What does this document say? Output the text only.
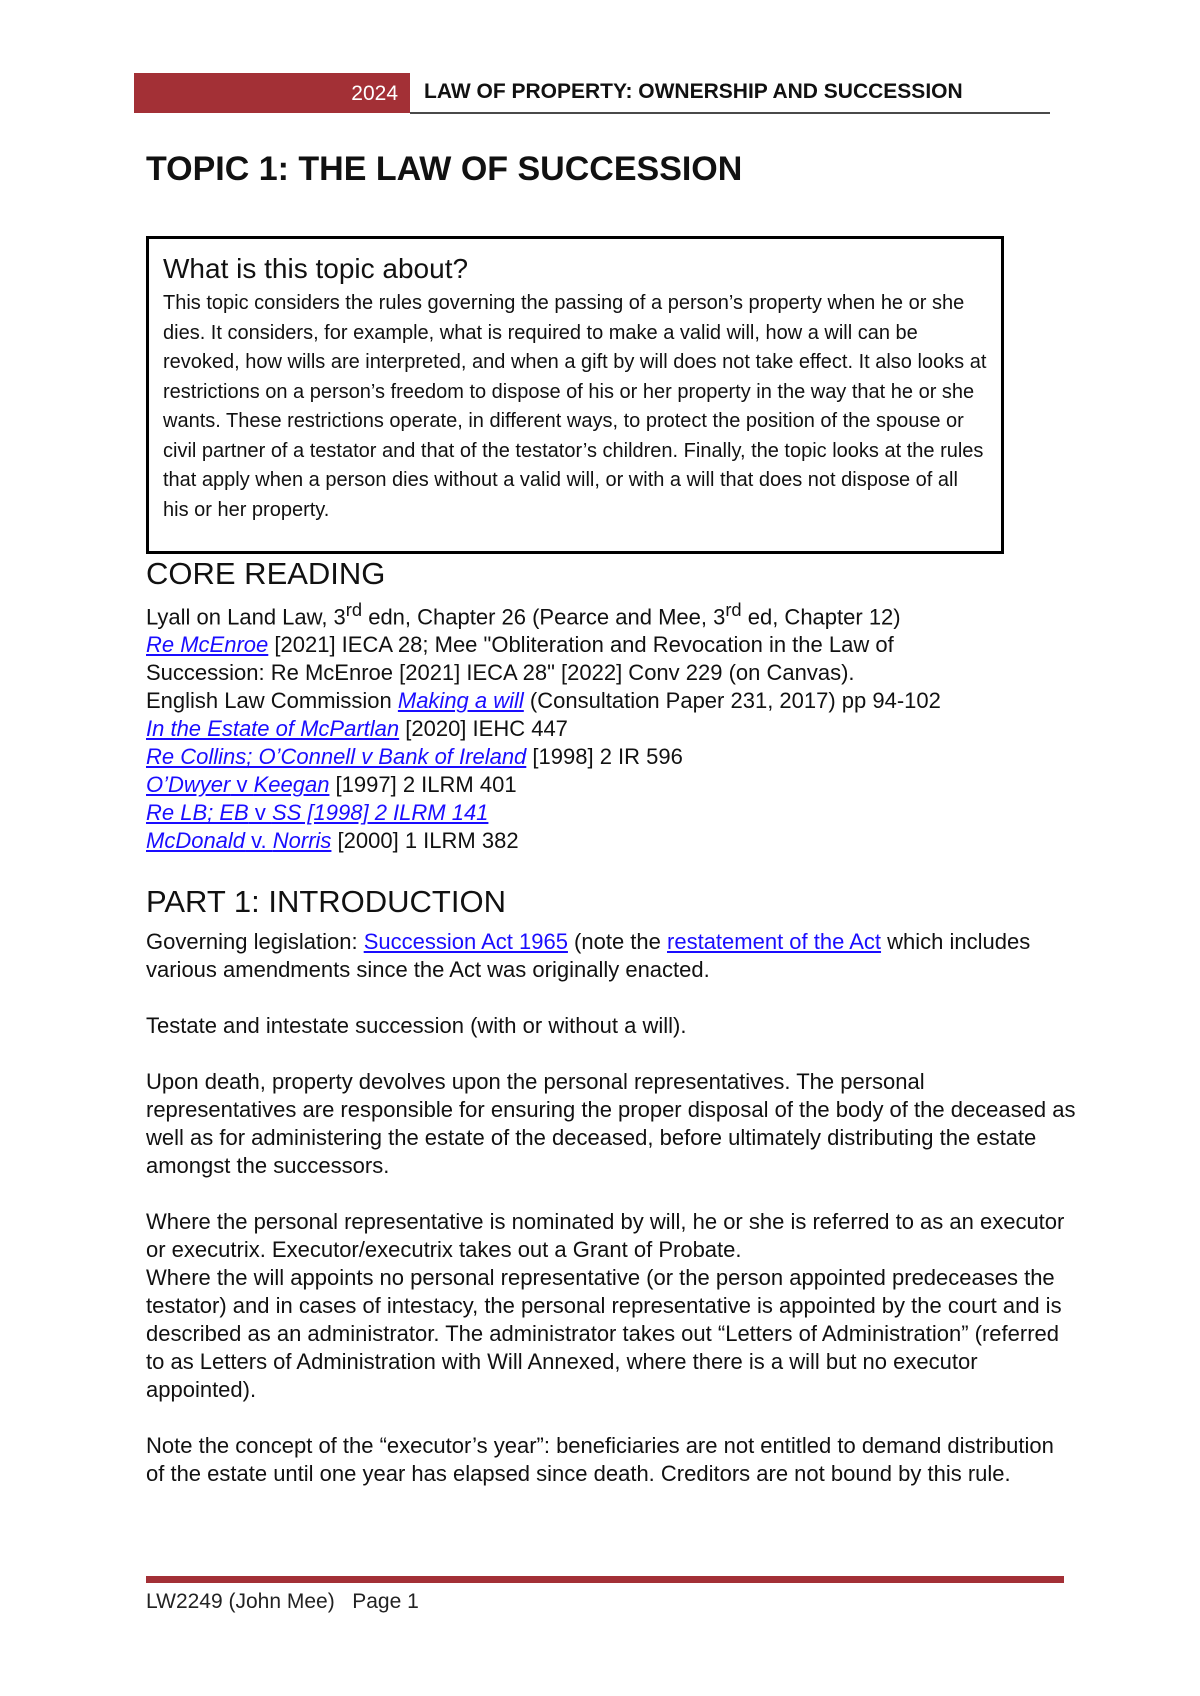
2024	LAW OF PROPERTY: OWNERSHIP AND SUCCESSION
TOPIC 1: THE LAW OF SUCCESSION
What is this topic about?

This topic considers the rules governing the passing of a person’s property when he or she dies. It considers, for example, what is required to make a valid will, how a will can be revoked, how wills are interpreted, and when a gift by will does not take effect. It also looks at restrictions on a person’s freedom to dispose of his or her property in the way that he or she wants. These restrictions operate, in different ways, to protect the position of the spouse or civil partner of a testator and that of the testator’s children. Finally, the topic looks at the rules that apply when a person dies without a valid will, or with a will that does not dispose of all his or her property.

CORE READING
Lyall on Land Law, 3rd edn, Chapter 26 (Pearce and Mee, 3rd ed, Chapter 12)
Re McEnroe [2021] IECA 28; Mee "Obliteration and Revocation in the Law of
Succession: Re McEnroe [2021] IECA 28" [2022] Conv 229 (on Canvas).
English Law Commission Making a will (Consultation Paper 231, 2017) pp 94-102
In the Estate of McPartlan [2020] IEHC 447
Re Collins; O’Connell v Bank of Ireland [1998] 2 IR 596
O’Dwyer v Keegan [1997] 2 ILRM 401
Re LB; EB v SS [1998] 2 ILRM 141
McDonald v. Norris [2000] 1 ILRM 382
PART 1: INTRODUCTION

Governing legislation: Succession Act 1965 (note the restatement of the Act which includes various amendments since the Act was originally enacted.

Testate and intestate succession (with or without a will).

Upon death, property devolves upon the personal representatives. The personal representatives are responsible for ensuring the proper disposal of the body of the deceased as well as for administering the estate of the deceased, before ultimately distributing the estate amongst the successors.

Where the personal representative is nominated by will, he or she is referred to as an executor or executrix. Executor/executrix takes out a Grant of Probate.

Where the will appoints no personal representative (or the person appointed predeceases the testator) and in cases of intestacy, the personal representative is appointed by the court and is described as an administrator. The administrator takes out “Letters of Administration” (referred to as Letters of Administration with Will Annexed, where there is a will but no executor appointed).

Note the concept of the “executor’s year”: beneficiaries are not entitled to demand distribution of the estate until one year has elapsed since death. Creditors are not bound by this rule.

LW2249 (John Mee)   Page 1
